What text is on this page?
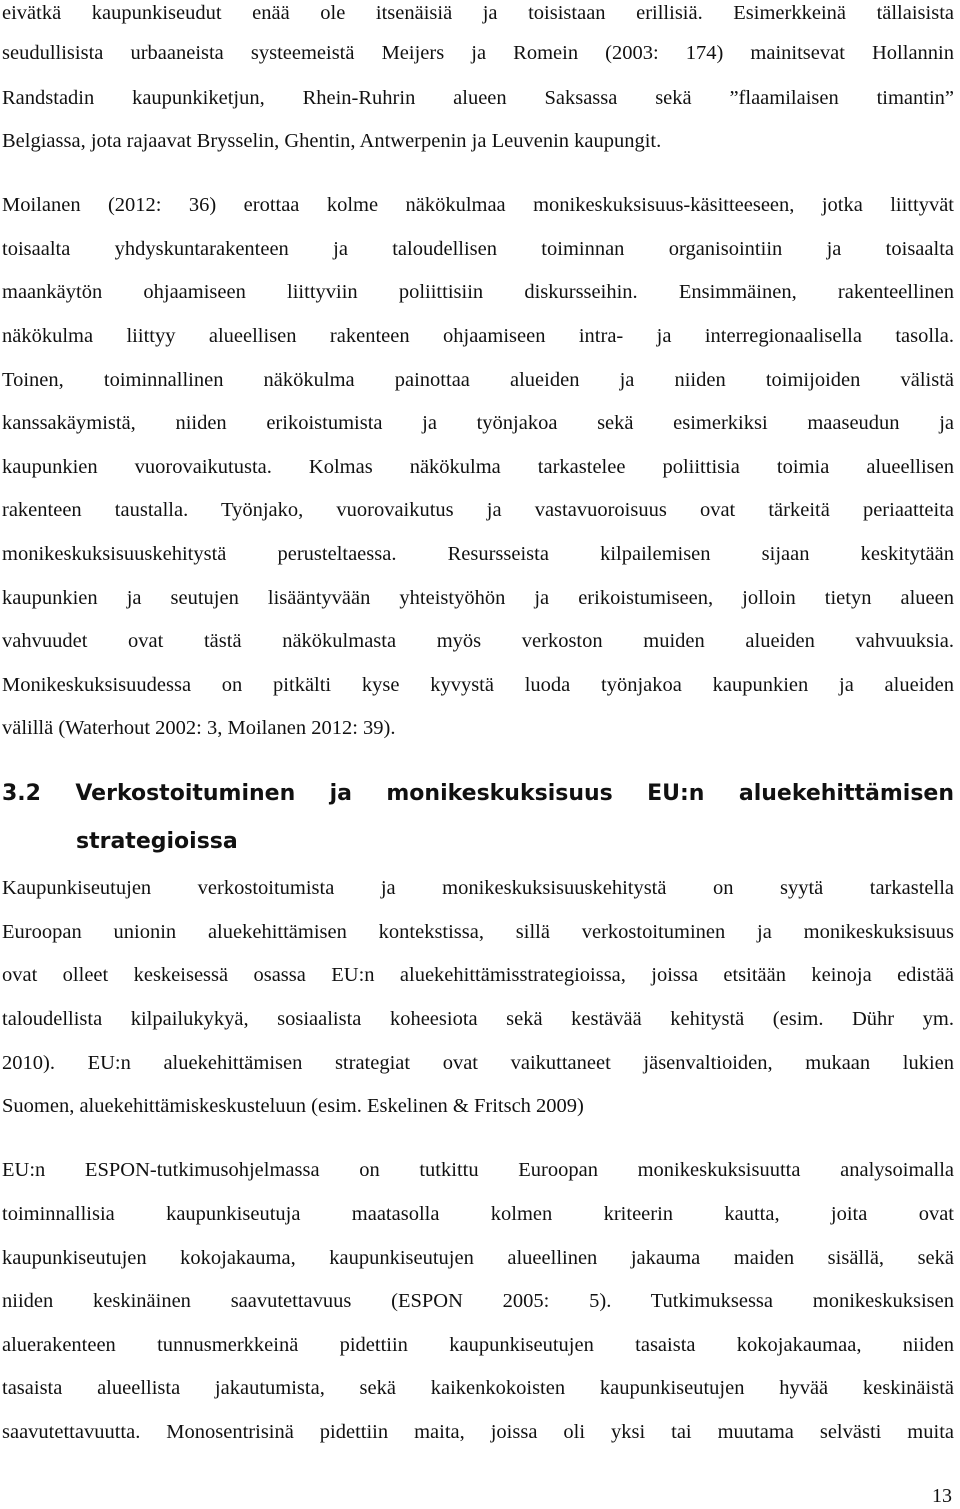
eivätkä kaupunkiseudut enää ole itsenäisiä ja toisistaan erillisiä. Esimerkkeinä tällaisista
seudullisista urbaaneista systeemeistä Meijers ja Romein (2003: 174) mainitsevat Hollannin
Randstadin kaupunkiketjun, Rhein-Ruhrin alueen Saksassa sekä ”flaamilaisen timantin”
Belgiassa, jota rajaavat Brysselin, Ghentin, Antwerpenin ja Leuvenin kaupungit.
Moilanen (2012: 36) erottaa kolme näkökulmaa monikeskuksisuus-käsitteeseen, jotka liittyvät
toisaalta yhdyskuntarakenteen ja taloudellisen toiminnan organisointiin ja toisaalta
maankäytön ohjaamiseen liittyviin poliittisiin diskursseihin. Ensimmäinen, rakenteellinen
näkökulma liittyy alueellisen rakenteen ohjaamiseen intra- ja interregionaalisella tasolla.
Toinen, toiminnallinen näkökulma painottaa alueiden ja niiden toimijoiden välistä
kanssakäymistä, niiden erikoistumista ja työnjakoa sekä esimerkiksi maaseudun ja
kaupunkien vuorovaikutusta. Kolmas näkökulma tarkastelee poliittisia toimia alueellisen
rakenteen taustalla. Työnjako, vuorovaikutus ja vastavuoroisuus ovat tärkeitä periaatteita
monikeskuksisuuskehitystä perusteltaessa. Resursseista kilpailemisen sijaan keskitytään
kaupunkien ja seutujen lisääntyvään yhteistyöhön ja erikoistumiseen, jolloin tietyn alueen
vahvuudet ovat tästä näkökulmasta myös verkoston muiden alueiden vahvuuksia.
Monikeskuksisuudessa on pitkälti kyse kyvystä luoda työnjakoa kaupunkien ja alueiden
välillä (Waterhout 2002: 3, Moilanen 2012: 39).
3.2 Verkostoituminen ja monikeskuksisuus EU:n aluekehittämisen
strategioissa
Kaupunkiseutujen verkostoitumista ja monikeskuksisuuskehitystä on syytä tarkastella
Euroopan unionin aluekehittämisen kontekstissa, sillä verkostoituminen ja monikeskuksisuus
ovat olleet keskeisessä osassa EU:n aluekehittämisstrategioissa, joissa etsitään keinoja edistää
taloudellista kilpailukykyä, sosiaalista koheesiota sekä kestävää kehitystä (esim. Dühr ym.
2010). EU:n aluekehittämisen strategiat ovat vaikuttaneet jäsenvaltioiden, mukaan lukien
Suomen, aluekehittämiskeskusteluun (esim. Eskelinen & Fritsch 2009)
EU:n ESPON-tutkimusohjelmassa on tutkittu Euroopan monikeskuksisuutta analysoimalla
toiminnallisia kaupunkiseutuja maatasolla kolmen kriteerin kautta, joita ovat
kaupunkiseutujen kokojakauma, kaupunkiseutujen alueellinen jakauma maiden sisällä, sekä
niiden keskinäinen saavutettavuus (ESPON 2005: 5). Tutkimuksessa monikeskuksisen
aluerakenteen tunnusmerkkeinä pidettiin kaupunkiseutujen tasaista kokojakaumaa, niiden
tasaista alueellista jakautumista, sekä kaikenkokoisten kaupunkiseutujen hyvää keskinäistä
saavutettavuutta. Monosentrisinä pidettiin maita, joissa oli yksi tai muutama selvästi muita
13
